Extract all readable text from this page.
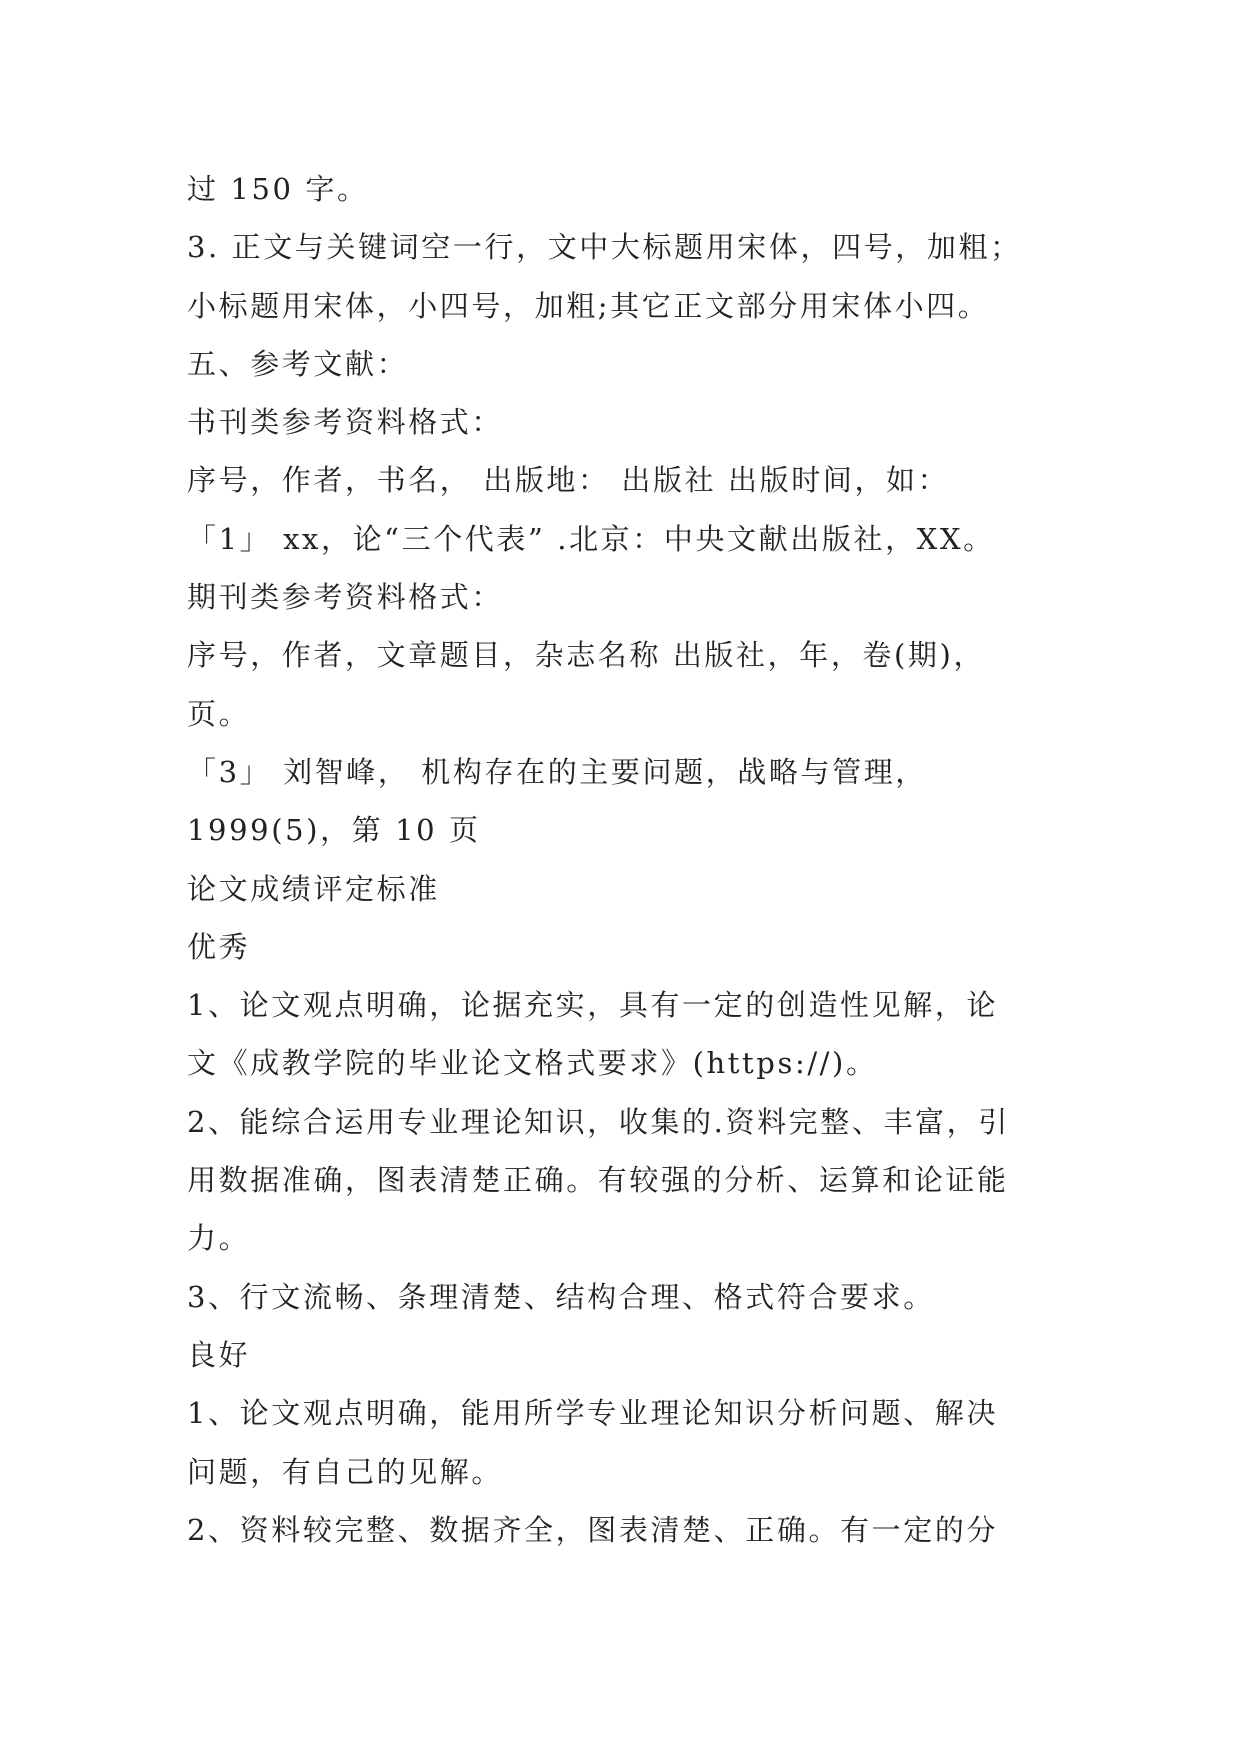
过 150 字。
3. 正文与关键词空一行，文中大标题用宋体，四号，加粗；
小标题用宋体，小四号，加粗;其它正文部分用宋体小四。
五、参考文献：
书刊类参考资料格式：
序号，作者，书名， 出版地： 出版社 出版时间，如：
「1」 xx，论“三个代表” .北京：中央文献出版社，XX。
期刊类参考资料格式：
序号，作者，文章题目，杂志名称 出版社，年，卷(期)，
页。
「3」 刘智峰， 机构存在的主要问题，战略与管理，
1999(5)，第 10 页
论文成绩评定标准
优秀
1、论文观点明确，论据充实，具有一定的创造性见解，论
文《成教学院的毕业论文格式要求》(https://)。
2、能综合运用专业理论知识，收集的.资料完整、丰富，引
用数据准确，图表清楚正确。有较强的分析、运算和论证能
力。
3、行文流畅、条理清楚、结构合理、格式符合要求。
良好
1、论文观点明确，能用所学专业理论知识分析问题、解决
问题，有自己的见解。
2、资料较完整、数据齐全，图表清楚、正确。有一定的分
